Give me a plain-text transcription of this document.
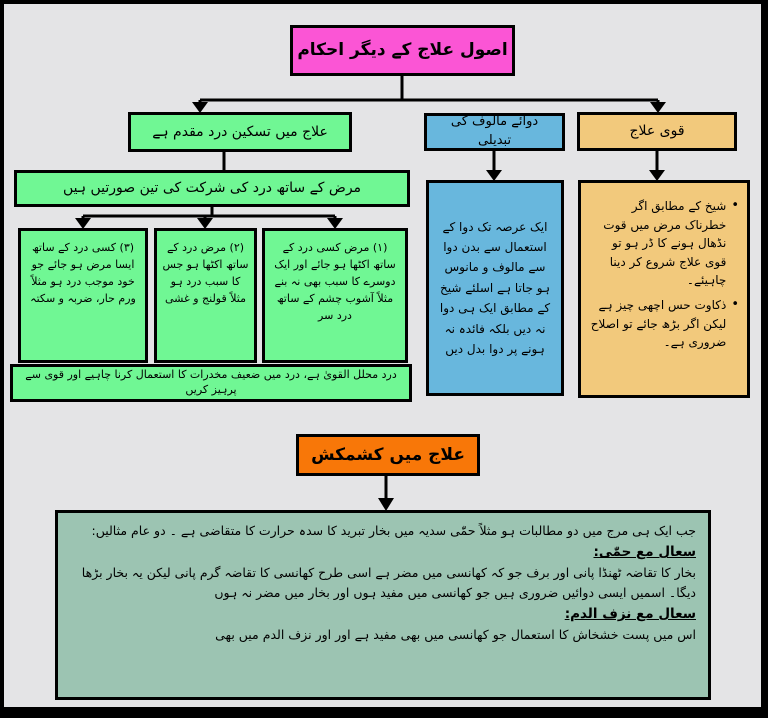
اصول علاج کے دیگر احکام
علاج میں تسکین درد مقدم ہے
دوائے مالوف کی تبدیلی
قوی علاج
مرض کے ساتھ درد کی شرکت کی تین صورتیں ہیں
(۱) مرض کسی درد کے ساتھ اکٹھا ہو جائے اور ایک دوسرے کا سبب بھی نہ بنے مثلاً آشوب چشم کے ساتھ درد سر
(۲) مرض درد کے ساتھ اکٹھا ہو جس کا سبب درد ہو مثلاً قولنج و غشی
(۳) کسی درد کے ساتھ ایسا مرض ہو جائے جو خود موجب درد ہو مثلاً ورم حار، ضربہ و سکتہ
درد محلل القویٰ ہے، درد میں ضعیف مخدرات کا استعمال کرنا چاہیے اور قوی سے پرہیز کریں
ایک عرصہ تک دوا کے استعمال سے بدن دوا سے مالوف و مانوس ہو جاتا ہے اسلئے شیخ کے مطابق ایک ہی دوا نہ دیں بلکہ فائدہ نہ ہونے پر دوا بدل دیں
•
شیخ کے مطابق اگر خطرناک مرض میں قوت نڈھال ہونے کا ڈر ہو تو قوی علاج شروع کر دینا چاہیئے۔
•
ذکاوت حس اچھی چیز ہے لیکن اگر بڑھ جائے تو اصلاح ضروری ہے۔
علاج میں کشمکش
جب ایک ہی مرج میں دو مطالبات ہو مثلاً حمّٰی سدیہ میں بخار تبرید کا سدہ حرارت کا متقاضی ہے ۔ دو عام مثالیں:
سعال مع حمّٰی:
بخار کا تقاضہ ٹھنڈا پانی اور برف جو کہ کھانسی میں مضر ہے اسی طرح کھانسی کا تقاضہ گرم پانی لیکن یہ بخار بڑھا دیگا۔ اسمیں ایسی دوائیں ضروری ہیں جو کھانسی میں مفید ہوں اور بخار میں مضر نہ ہوں
سعال مع نزف الدم:
اس میں پست خشخاش کا استعمال جو کھانسی میں بھی مفید ہے اور اور نزف الدم میں بھی
